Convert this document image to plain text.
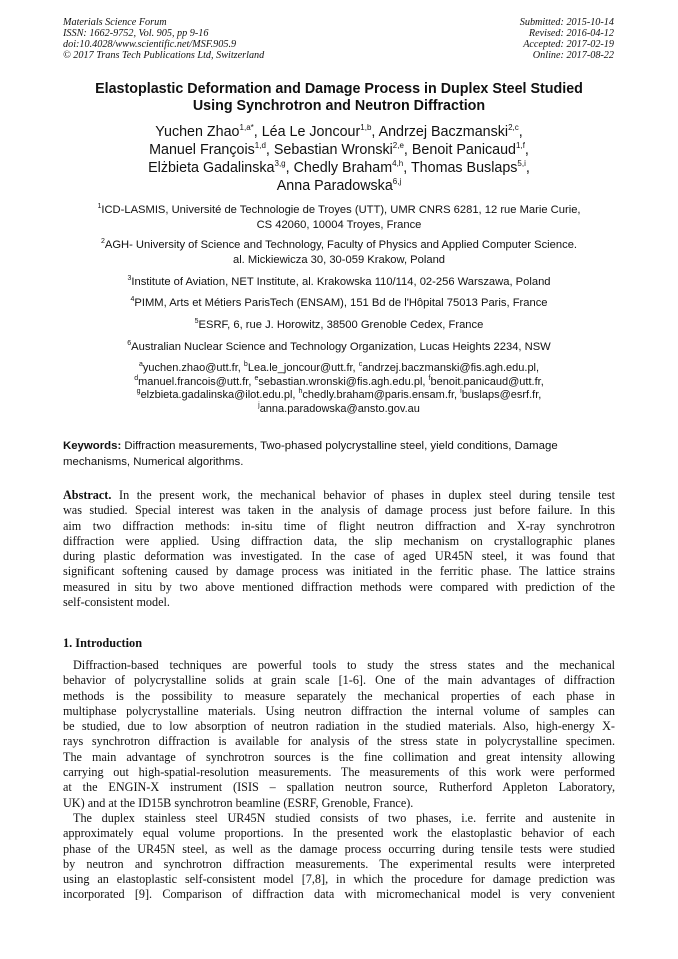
Materials Science Forum
ISSN: 1662-9752, Vol. 905, pp 9-16
doi:10.4028/www.scientific.net/MSF.905.9
© 2017 Trans Tech Publications Ltd, Switzerland
Submitted: 2015-10-14
Revised: 2016-04-12
Accepted: 2017-02-19
Online: 2017-08-22
Elastoplastic Deformation and Damage Process in Duplex Steel Studied
Using Synchrotron and Neutron Diffraction
Yuchen Zhao$^{1,a*}$, Léa Le Joncour$^{1,b}$, Andrzej Baczmanski$^{2,c}$,
Manuel François$^{1,d}$, Sebastian Wronski$^{2,e}$, Benoit Panicaud$^{1,f}$,
Elżbieta Gadalinska$^{3,g}$, Chedly Braham$^{4,h}$, Thomas Buslaps$^{5,i}$,
Anna Paradowska$^{6,j}$
$^1$ICD-LASMIS, Université de Technologie de Troyes (UTT), UMR CNRS 6281, 12 rue Marie Curie,
CS 42060, 10004 Troyes, France
$^2$AGH- University of Science and Technology, Faculty of Physics and Applied Computer Science.
al. Mickiewicza 30, 30-059 Krakow, Poland
$^3$Institute of Aviation, NET Institute, al. Krakowska 110/114, 02-256 Warszawa, Poland
$^4$PIMM, Arts et Métiers ParisTech (ENSAM), 151 Bd de l'Hôpital 75013 Paris, France
$^5$ESRF, 6, rue J. Horowitz, 38500 Grenoble Cedex, France
$^6$Australian Nuclear Science and Technology Organization, Lucas Heights 2234, NSW
$^a$yuchen.zhao@utt.fr, $^b$Lea.le_joncour@utt.fr, $^c$andrzej.baczmanski@fis.agh.edu.pl,
$^d$manuel.francois@utt.fr, $^e$sebastian.wronski@fis.agh.edu.pl, $^f$benoit.panicaud@utt.fr,
$^g$elzbieta.gadalinska@ilot.edu.pl, $^h$chedly.braham@paris.ensam.fr, $^i$buslaps@esrf.fr,
$^j$anna.paradowska@ansto.gov.au
Keywords: Diffraction measurements, Two-phased polycrystalline steel, yield conditions, Damage
mechanisms, Numerical algorithms.
Abstract. In the present work, the mechanical behavior of phases in duplex steel during tensile test
was studied. Special interest was taken in the analysis of damage process just before failure. In this
aim two diffraction methods: in-situ time of flight neutron diffraction and X-ray synchrotron
diffraction were applied. Using diffraction data, the slip mechanism on crystallographic planes
during plastic deformation was investigated. In the case of aged UR45N steel, it was found that
significant softening caused by damage process was initiated in the ferritic phase. The lattice strains
measured in situ by two above mentioned diffraction methods were compared with prediction of the
self-consistent model.
1. Introduction
Diffraction-based techniques are powerful tools to study the stress states and the mechanical
behavior of polycrystalline solids at grain scale [1-6]. One of the main advantages of diffraction
methods is the possibility to measure separately the mechanical properties of each phase in
multiphase polycrystalline materials. Using neutron diffraction the internal volume of samples can
be studied, due to low absorption of neutron radiation in the studied materials. Also, high-energy X-
rays synchrotron diffraction is available for analysis of the stress state in polycrystalline specimen.
The main advantage of synchrotron sources is the fine collimation and great intensity allowing
carrying out high-spatial-resolution measurements. The measurements of this work were performed
at the ENGIN-X instrument (ISIS – spallation neutron source, Rutherford Appleton Laboratory,
UK) and at the ID15B synchrotron beamline (ESRF, Grenoble, France).
The duplex stainless steel UR45N studied consists of two phases, i.e. ferrite and austenite in
approximately equal volume proportions. In the presented work the elastoplastic behavior of each
phase of the UR45N steel, as well as the damage process occurring during tensile tests were studied
by neutron and synchrotron diffraction measurements. The experimental results were interpreted
using an elastoplastic self-consistent model [7,8], in which the procedure for damage prediction was
incorporated [9]. Comparison of diffraction data with micromechanical model is very convenient
